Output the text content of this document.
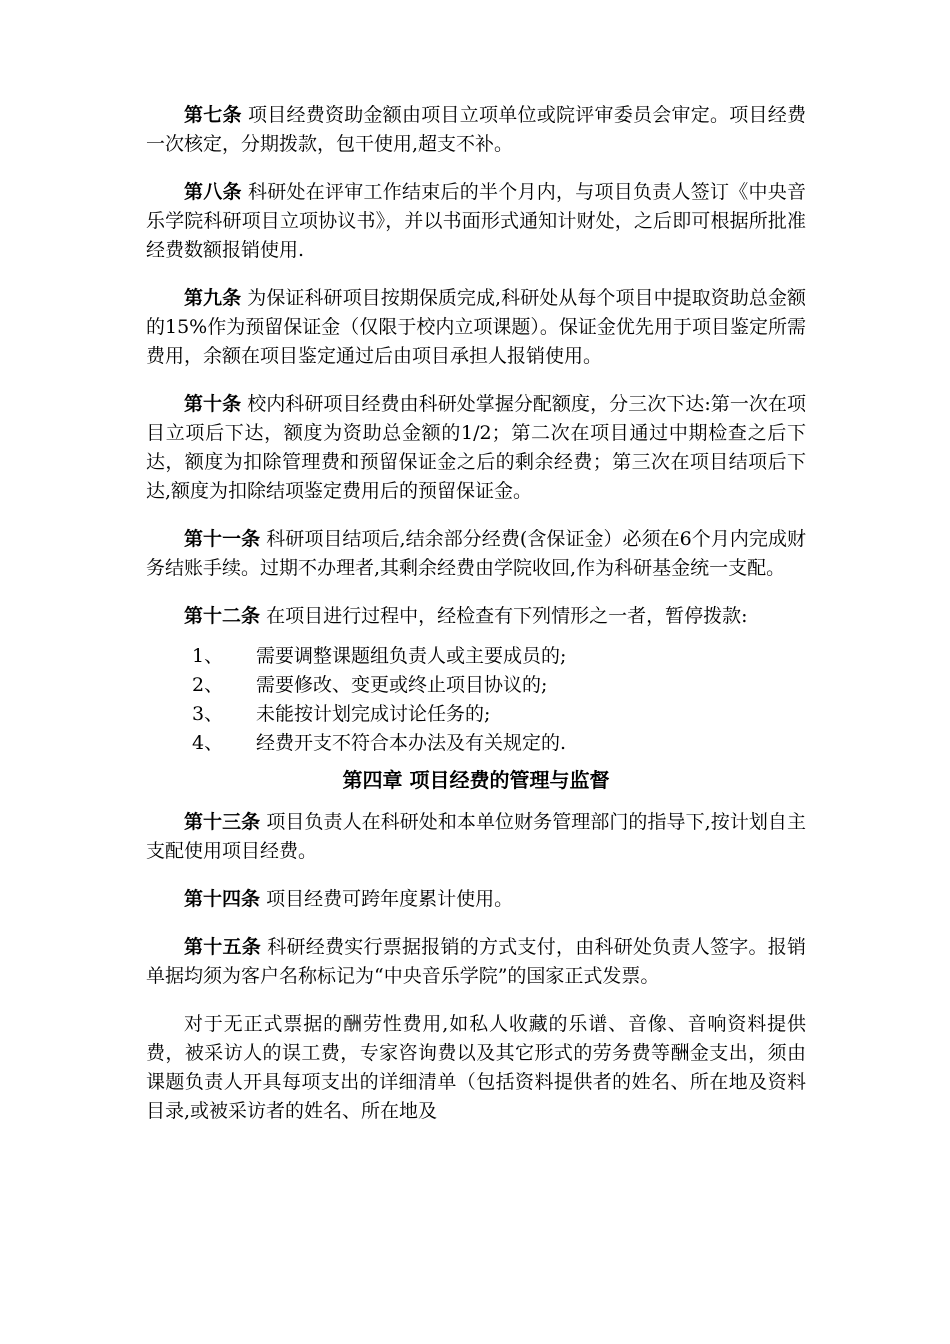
第七条 项目经费资助金额由项目立项单位或院评审委员会审定。项目经费一次核定，分期拨款，包干使用,超支不补。

第八条 科研处在评审工作结束后的半个月内，与项目负责人签订《中央音乐学院科研项目立项协议书》，并以书面形式通知计财处，之后即可根据所批准经费数额报销使用.

第九条 为保证科研项目按期保质完成,科研处从每个项目中提取资助总金额的15%作为预留保证金（仅限于校内立项课题）。保证金优先用于项目鉴定所需费用，余额在项目鉴定通过后由项目承担人报销使用。

第十条 校内科研项目经费由科研处掌握分配额度，分三次下达:第一次在项目立项后下达，额度为资助总金额的1/2；第二次在项目通过中期检查之后下达，额度为扣除管理费和预留保证金之后的剩余经费；第三次在项目结项后下达,额度为扣除结项鉴定费用后的预留保证金。

第十一条 科研项目结项后,结余部分经费(含保证金）必须在6个月内完成财务结账手续。过期不办理者,其剩余经费由学院收回,作为科研基金统一支配。

第十二条 在项目进行过程中，经检查有下列情形之一者，暂停拨款:

1、	需要调整课题组负责人或主要成员的;
2、	需要修改、变更或终止项目协议的;
3、	未能按计划完成讨论任务的;
4、	经费开支不符合本办法及有关规定的.
第四章 项目经费的管理与监督

第十三条 项目负责人在科研处和本单位财务管理部门的指导下,按计划自主支配使用项目经费。

第十四条 项目经费可跨年度累计使用。

第十五条 科研经费实行票据报销的方式支付，由科研处负责人签字。报销单据均须为客户名称标记为“中央音乐学院”的国家正式发票。

对于无正式票据的酬劳性费用,如私人收藏的乐谱、音像、音响资料提供费，被采访人的误工费，专家咨询费以及其它形式的劳务费等酬金支出，须由课题负责人开具每项支出的详细清单（包括资料提供者的姓名、所在地及资料目录,或被采访者的姓名、所在地及
